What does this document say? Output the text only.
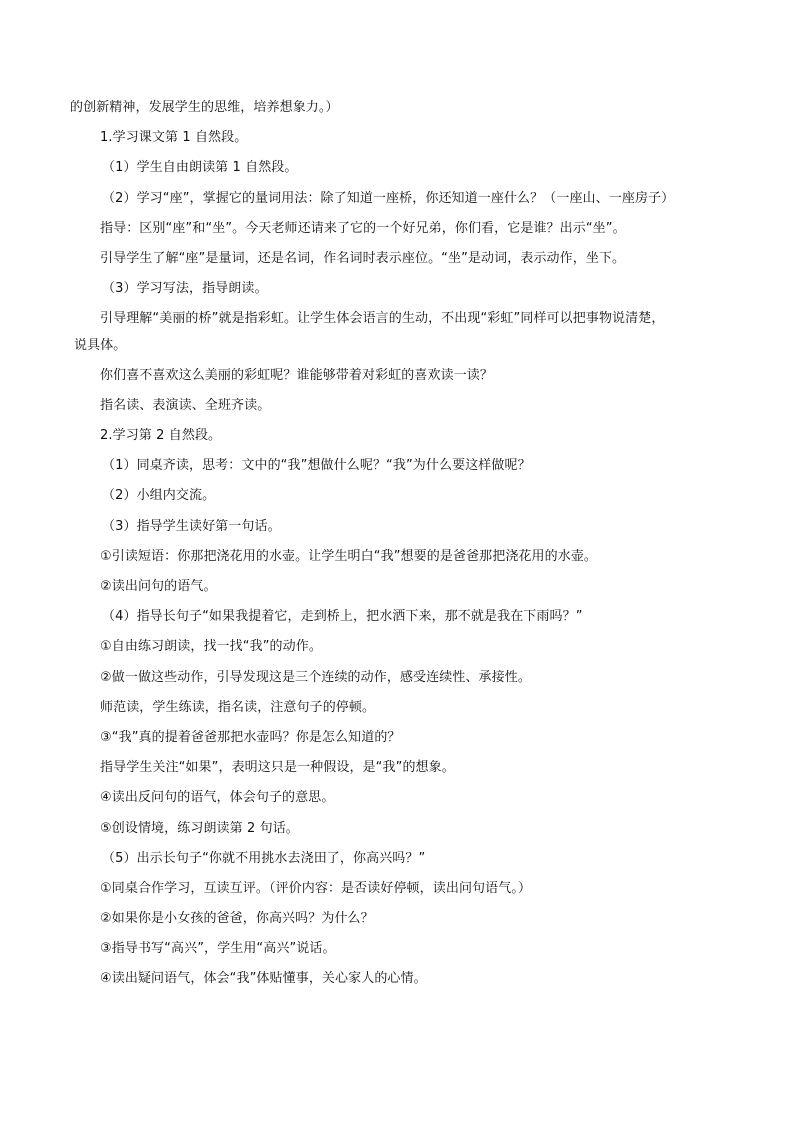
的创新精神，发展学生的思维，培养想象力。）
1.学习课文第 1 自然段。
（1）学生自由朗读第 1 自然段。
（2）学习“座”，掌握它的量词用法：除了知道一座桥，你还知道一座什么？（一座山、一座房子）
指导：区别“座”和“坐”。今天老师还请来了它的一个好兄弟，你们看，它是谁？出示“坐”。
引导学生了解“座”是量词，还是名词，作名词时表示座位。“坐”是动词，表示动作，坐下。
（3）学习写法，指导朗读。
引导理解“美丽的桥”就是指彩虹。让学生体会语言的生动，不出现“彩虹”同样可以把事物说清楚，
说具体。
你们喜不喜欢这么美丽的彩虹呢？谁能够带着对彩虹的喜欢读一读？
指名读、表演读、全班齐读。
2.学习第 2 自然段。
（1）同桌齐读，思考：文中的“我”想做什么呢？“我”为什么要这样做呢？
（2）小组内交流。
（3）指导学生读好第一句话。
①引读短语：你那把浇花用的水壶。让学生明白“我”想要的是爸爸那把浇花用的水壶。
②读出问句的语气。
（4）指导长句子“如果我提着它，走到桥上，把水洒下来，那不就是我在下雨吗？”
①自由练习朗读，找一找“我”的动作。
②做一做这些动作，引导发现这是三个连续的动作，感受连续性、承接性。
师范读，学生练读，指名读，注意句子的停顿。
③“我”真的提着爸爸那把水壶吗？你是怎么知道的？
指导学生关注“如果”，表明这只是一种假设，是“我”的想象。
④读出反问句的语气，体会句子的意思。
⑤创设情境，练习朗读第 2 句话。
（5）出示长句子“你就不用挑水去浇田了，你高兴吗？”
①同桌合作学习，互读互评。（评价内容：是否读好停顿，读出问句语气。）
②如果你是小女孩的爸爸，你高兴吗？为什么？
③指导书写“高兴”，学生用“高兴”说话。
④读出疑问语气，体会“我”体贴懂事，关心家人的心情。
